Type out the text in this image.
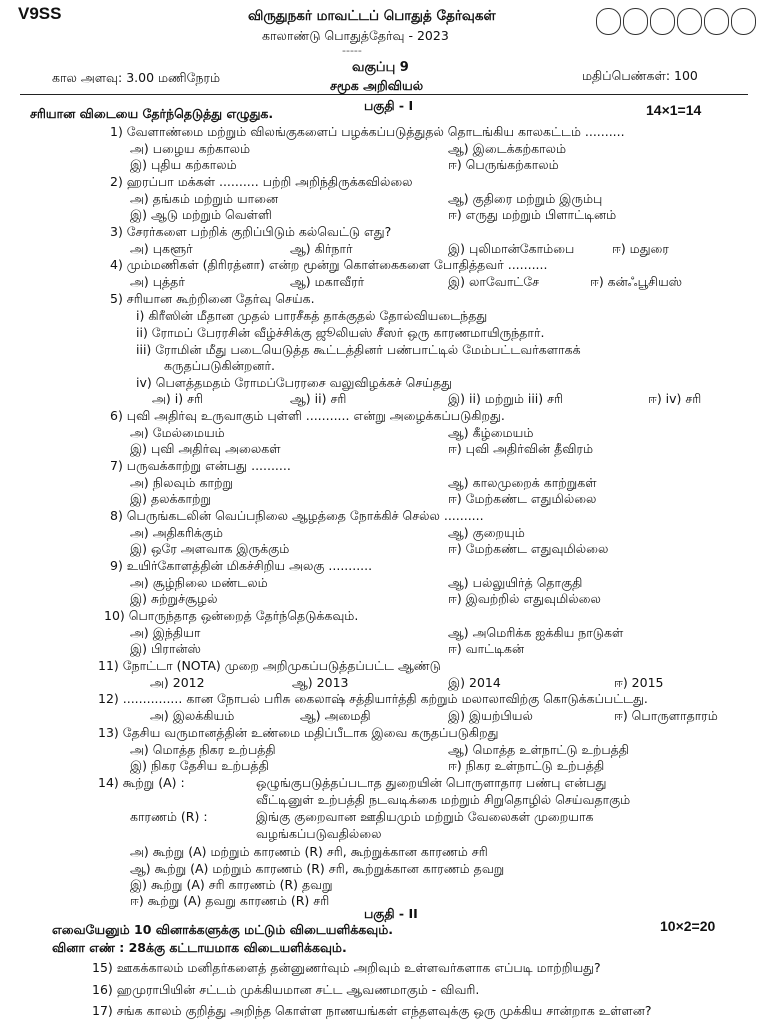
V9SS	விருதுநகர் மாவட்டப் பொதுத் தேர்வுகள்
காலாண்டு பொதுத்தேர்வு - 2023
-----
கால அளவு: 3.00 மணிநேரம்
வகுப்பு 9
சமூக அறிவியல்
மதிப்பெண்கள்: 100
பகுதி - I
சரியான விடையை தேர்ந்தெடுத்து எழுதுக.	14×1=14
1) வேளாண்மை மற்றும் விலங்குகளைப் பழக்கப்படுத்துதல் தொடங்கிய காலகட்டம் ..........
அ) பழைய கற்காலம்	ஆ) இடைக்கற்காலம்
இ) புதிய கற்காலம்	ஈ) பெருங்கற்காலம்
2) ஹரப்பா மக்கள் .......... பற்றி அறிந்திருக்கவில்லை
அ) தங்கம் மற்றும் யானை	ஆ) குதிரை மற்றும் இரும்பு
இ) ஆடு மற்றும் வெள்ளி	ஈ) எருது மற்றும் பிளாட்டினம்
3) சேரர்களை பற்றிக் குறிப்பிடும் கல்வெட்டு எது?
அ) புகளூர்	ஆ) கிர்நார்	இ) புலிமான்கோம்பை	ஈ) மதுரை
4) மும்மணிகள் (திரிரத்னா) என்ற மூன்று கொள்கைகளை போதித்தவர் ..........
அ) புத்தர்	ஆ) மகாவீரர்	இ) லாவோட்சே	ஈ) கன்ஃபூசியஸ்
5) சரியான கூற்றினை தேர்வு செய்க.
i) கிரீஸின் மீதான முதல் பாரசீகத் தாக்குதல் தோல்வியடைந்தது
ii) ரோமப் பேரரசின் வீழ்ச்சிக்கு ஜூலியஸ் சீஸர் ஒரு காரணமாயிருந்தார்.
iii) ரோமின் மீது படையெடுத்த கூட்டத்தினர் பண்பாட்டில் மேம்பட்டவர்களாகக்
கருதப்படுகின்றனர்.
iv) பௌத்தமதம் ரோமப்பேரரசை வலுவிழக்கச் செய்தது
அ) i) சரி	ஆ) ii) சரி	இ) ii) மற்றும் iii) சரி	ஈ) iv) சரி
6) புவி அதிர்வு உருவாகும் புள்ளி ........... என்று அழைக்கப்படுகிறது.
அ) மேல்மையம்	ஆ) கீழ்மையம்
இ) புவி அதிர்வு அலைகள்	ஈ) புவி அதிர்வின் தீவிரம்
7) பருவக்காற்று என்பது ..........
அ) நிலவும் காற்று	ஆ) காலமுறைக் காற்றுகள்
இ) தலக்காற்று	ஈ) மேற்கண்ட எதுமில்லை
8) பெருங்கடலின் வெப்பநிலை ஆழத்தை நோக்கிச் செல்ல ..........
அ) அதிகரிக்கும்	ஆ) குறையும்
இ) ஒரே அளவாக இருக்கும்	ஈ) மேற்கண்ட எதுவுமில்லை
9) உயிர்கோளத்தின் மிகச்சிறிய அலகு ...........
அ) சூழ்நிலை மண்டலம்	ஆ) பல்லுயிர்த் தொகுதி
இ) சுற்றுச்சூழல்	ஈ) இவற்றில் எதுவுமில்லை
10) பொருந்தாத ஒன்றைத் தேர்ந்தெடுக்கவும்.
அ) இந்தியா	ஆ) அமெரிக்க ஐக்கிய நாடுகள்
இ) பிரான்ஸ்	ஈ) வாட்டிகன்
11) நோட்டா (NOTA) முறை அறிமுகப்படுத்தப்பட்ட ஆண்டு
அ) 2012	ஆ) 2013	இ) 2014	ஈ) 2015
12) ............... கான நோபல் பரிசு கைலாஷ் சத்தியார்த்தி கற்றும் மலாலாவிற்கு கொடுக்கப்பட்டது.
அ) இலக்கியம்	ஆ) அமைதி	இ) இயற்பியல்	ஈ) பொருளாதாரம்
13) தேசிய வருமானத்தின் உண்மை மதிப்பீடாக இவை கருதப்படுகிறது
அ) மொத்த நிகர உற்பத்தி	ஆ) மொத்த உள்நாட்டு உற்பத்தி
இ) நிகர தேசிய உற்பத்தி	ஈ) நிகர உள்நாட்டு உற்பத்தி
14) கூற்று (A) :	ஒழுங்குபடுத்தப்படாத துறையின் பொருளாதார பண்பு என்பது
வீட்டினுள் உற்பத்தி நடவடிக்கை மற்றும் சிறுதொழில் செய்வதாகும்
காரணம் (R) :	இங்கு குறைவான ஊதியமும் மற்றும் வேலைகள் முறையாக
வழங்கப்படுவதில்லை
அ) கூற்று (A) மற்றும் காரணம் (R) சரி, கூற்றுக்கான காரணம் சரி
ஆ) கூற்று (A) மற்றும் காரணம் (R) சரி, கூற்றுக்கான காரணம் தவறு
இ) கூற்று (A) சரி காரணம் (R) தவறு
ஈ) கூற்று (A) தவறு காரணம் (R) சரி
பகுதி - II
எவையேனும் 10 வினாக்களுக்கு மட்டும் விடையளிக்கவும்.
வினா எண் : 28க்கு கட்டாயமாக விடையளிக்கவும்.
10×2=20
15) ஊகக்காலம் மனிதர்களைத் தன்னுணர்வும் அறிவும் உள்ளவர்களாக எப்படி மாற்றியது?
16) ஹமுராபியின் சட்டம் முக்கியமான சட்ட ஆவணமாகும் - விவரி.
17) சங்க காலம் குறித்து அறிந்த கொள்ள நாணயங்கள் எந்தளவுக்கு ஒரு முக்கிய சான்றாக உள்ளன?
